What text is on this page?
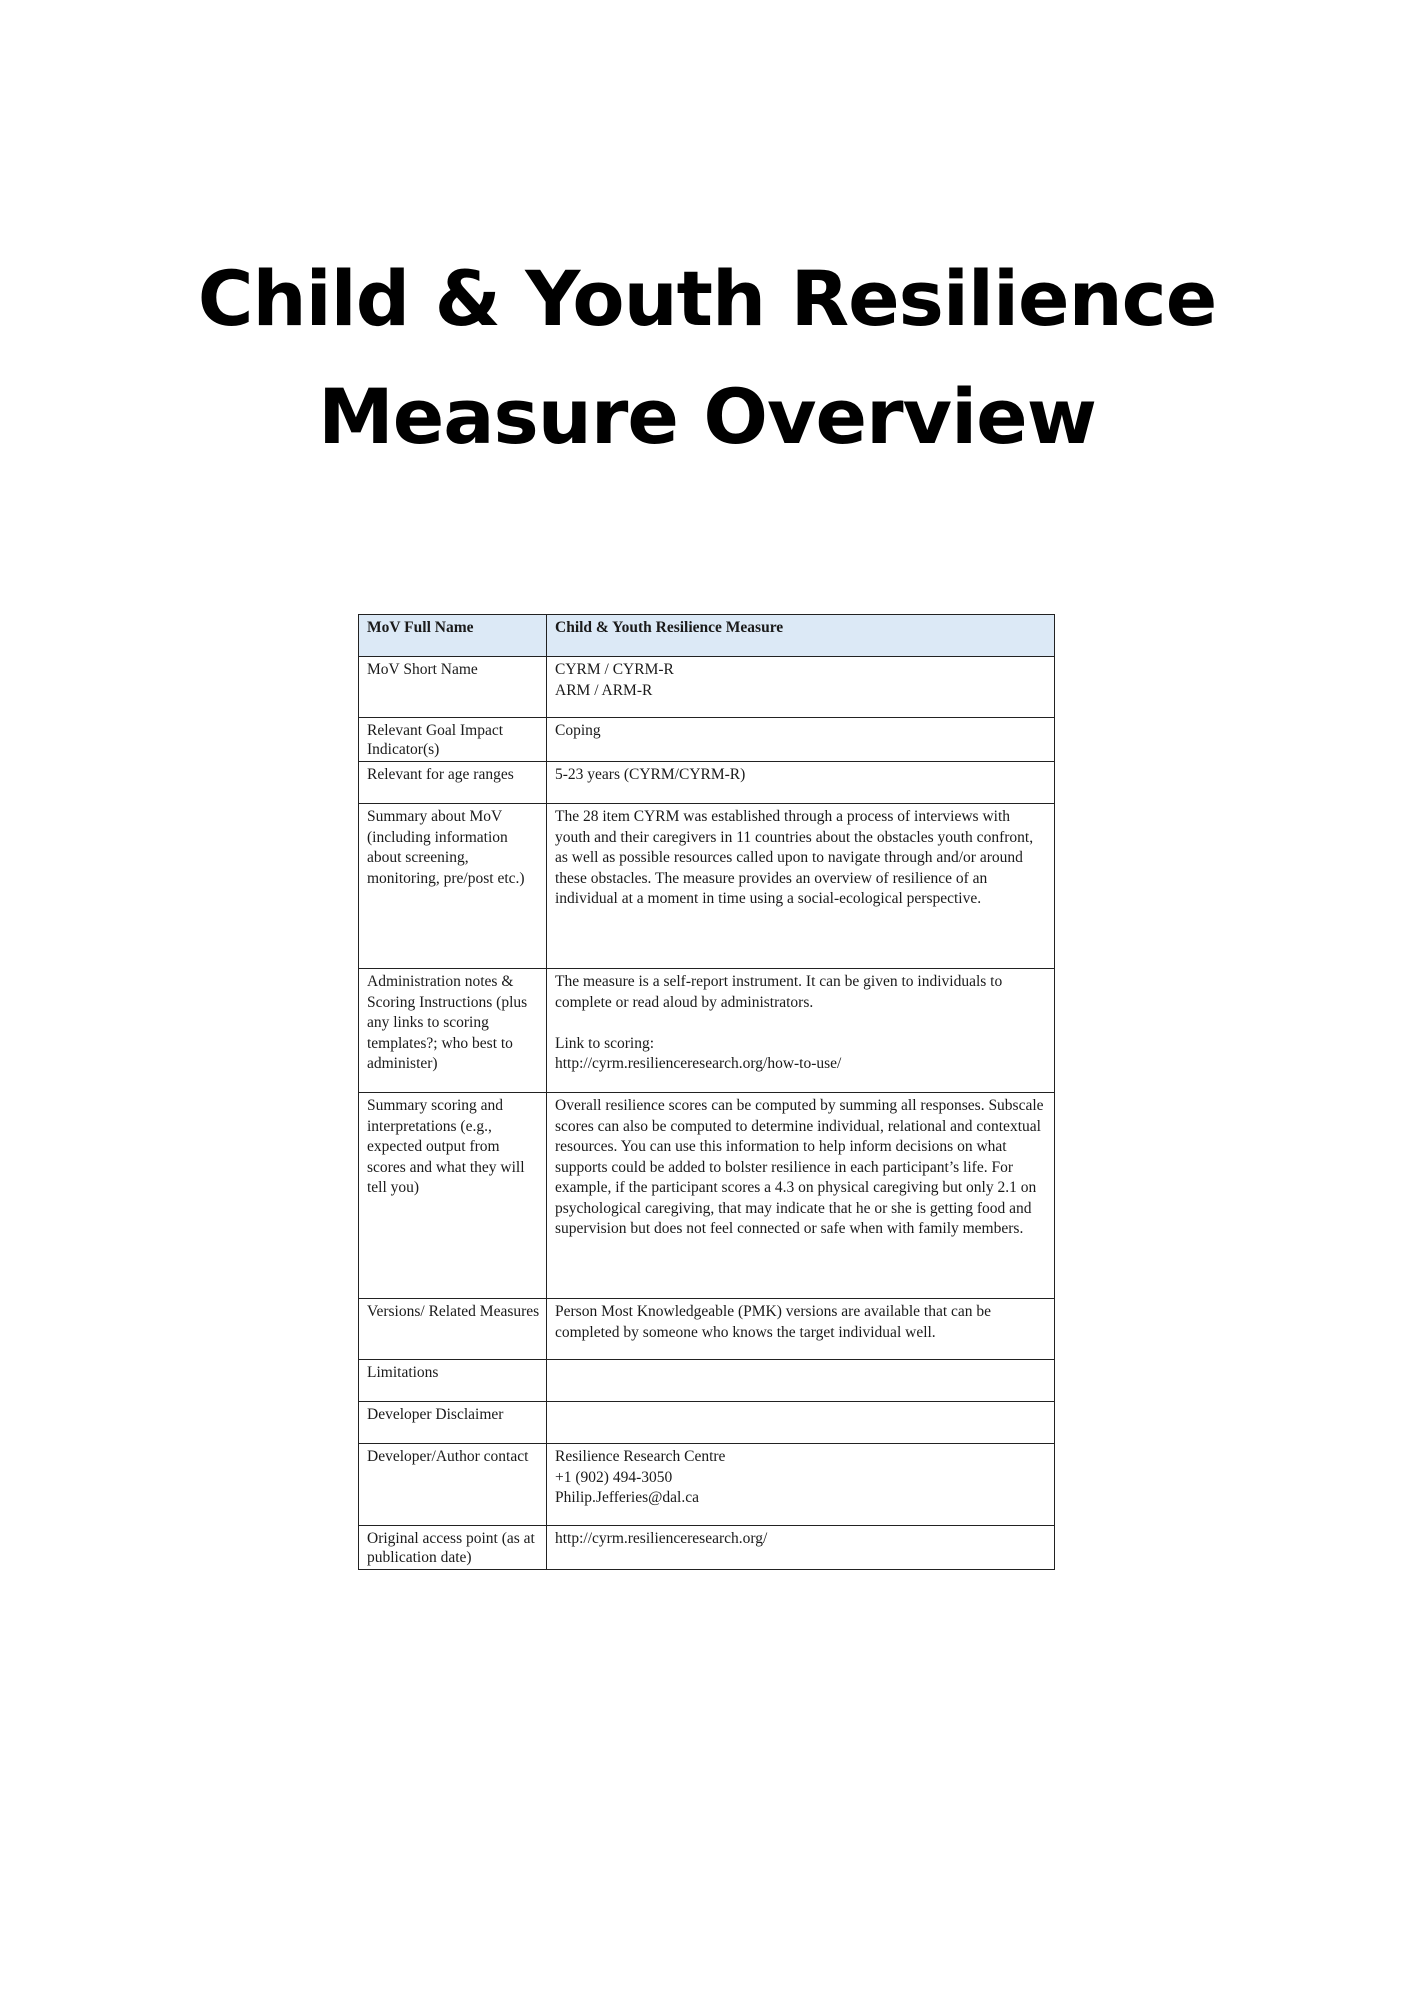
Child & Youth Resilience
Measure Overview
MoV Full Name	Child & Youth Resilience Measure
MoV Short Name	CYRM / CYRM-R
ARM / ARM-R
Relevant Goal Impact Indicator(s)	Coping
Relevant for age ranges	5-23 years (CYRM/CYRM-R)
Summary about MoV (including information about screening, monitoring, pre/post etc.)	The 28 item CYRM was established through a process of interviews with youth and their caregivers in 11 countries about the obstacles youth confront, as well as possible resources called upon to navigate through and/or around these obstacles. The measure provides an overview of resilience of an individual at a moment in time using a social-ecological perspective.
Administration notes & Scoring Instructions (plus any links to scoring templates?; who best to administer)	The measure is a self-report instrument. It can be given to individuals to complete or read aloud by administrators.

Link to scoring:
http://cyrm.resilienceresearch.org/how-to-use/
Summary scoring and interpretations (e.g., expected output from scores and what they will tell you)	Overall resilience scores can be computed by summing all responses. Subscale scores can also be computed to determine individual, relational and contextual resources. You can use this information to help inform decisions on what supports could be added to bolster resilience in each participant’s life. For example, if the participant scores a 4.3 on physical caregiving but only 2.1 on psychological caregiving, that may indicate that he or she is getting food and supervision but does not feel connected or safe when with family members.
Versions/ Related Measures	Person Most Knowledgeable (PMK) versions are available that can be completed by someone who knows the target individual well.
Limitations	
Developer Disclaimer	
Developer/Author contact	Resilience Research Centre
+1 (902) 494-3050
Philip.Jefferies@dal.ca
Original access point (as at publication date)	http://cyrm.resilienceresearch.org/
